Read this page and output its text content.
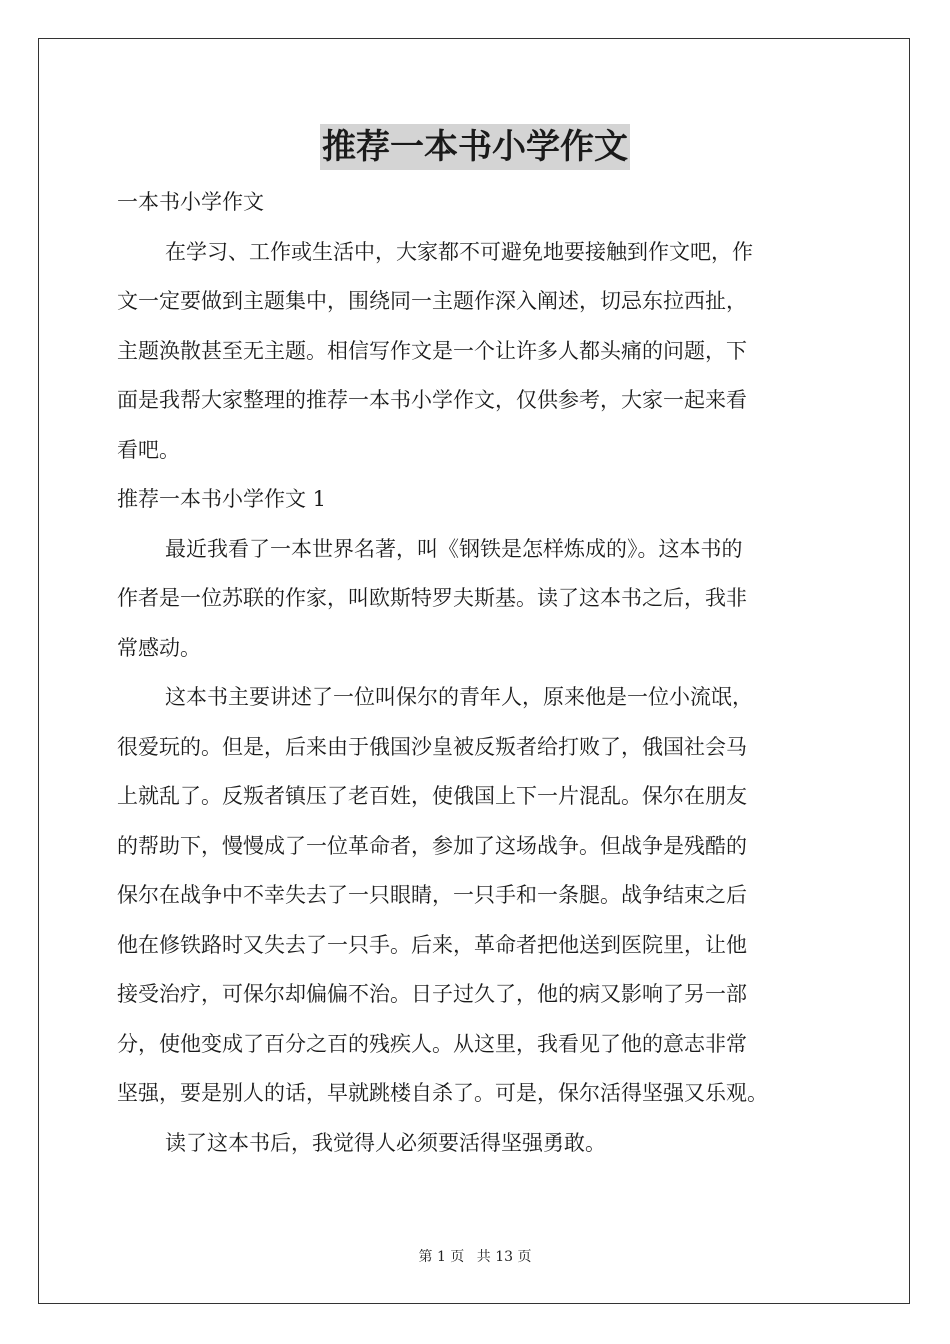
推荐一本书小学作文
一本书小学作文
在学习、工作或生活中，大家都不可避免地要接触到作文吧，作
文一定要做到主题集中，围绕同一主题作深入阐述，切忌东拉西扯，
主题涣散甚至无主题。相信写作文是一个让许多人都头痛的问题，下
面是我帮大家整理的推荐一本书小学作文，仅供参考，大家一起来看
看吧。
推荐一本书小学作文 1
最近我看了一本世界名著，叫《钢铁是怎样炼成的》。这本书的
作者是一位苏联的作家，叫欧斯特罗夫斯基。读了这本书之后，我非
常感动。
这本书主要讲述了一位叫保尔的青年人，原来他是一位小流氓，
很爱玩的。但是，后来由于俄国沙皇被反叛者给打败了，俄国社会马
上就乱了。反叛者镇压了老百姓，使俄国上下一片混乱。保尔在朋友
的帮助下，慢慢成了一位革命者，参加了这场战争。但战争是残酷的
保尔在战争中不幸失去了一只眼睛，一只手和一条腿。战争结束之后
他在修铁路时又失去了一只手。后来，革命者把他送到医院里，让他
接受治疗，可保尔却偏偏不治。日子过久了，他的病又影响了另一部
分，使他变成了百分之百的残疾人。从这里，我看见了他的意志非常
坚强，要是别人的话，早就跳楼自杀了。可是，保尔活得坚强又乐观。
读了这本书后，我觉得人必须要活得坚强勇敢。
第 1 页 共 13 页
